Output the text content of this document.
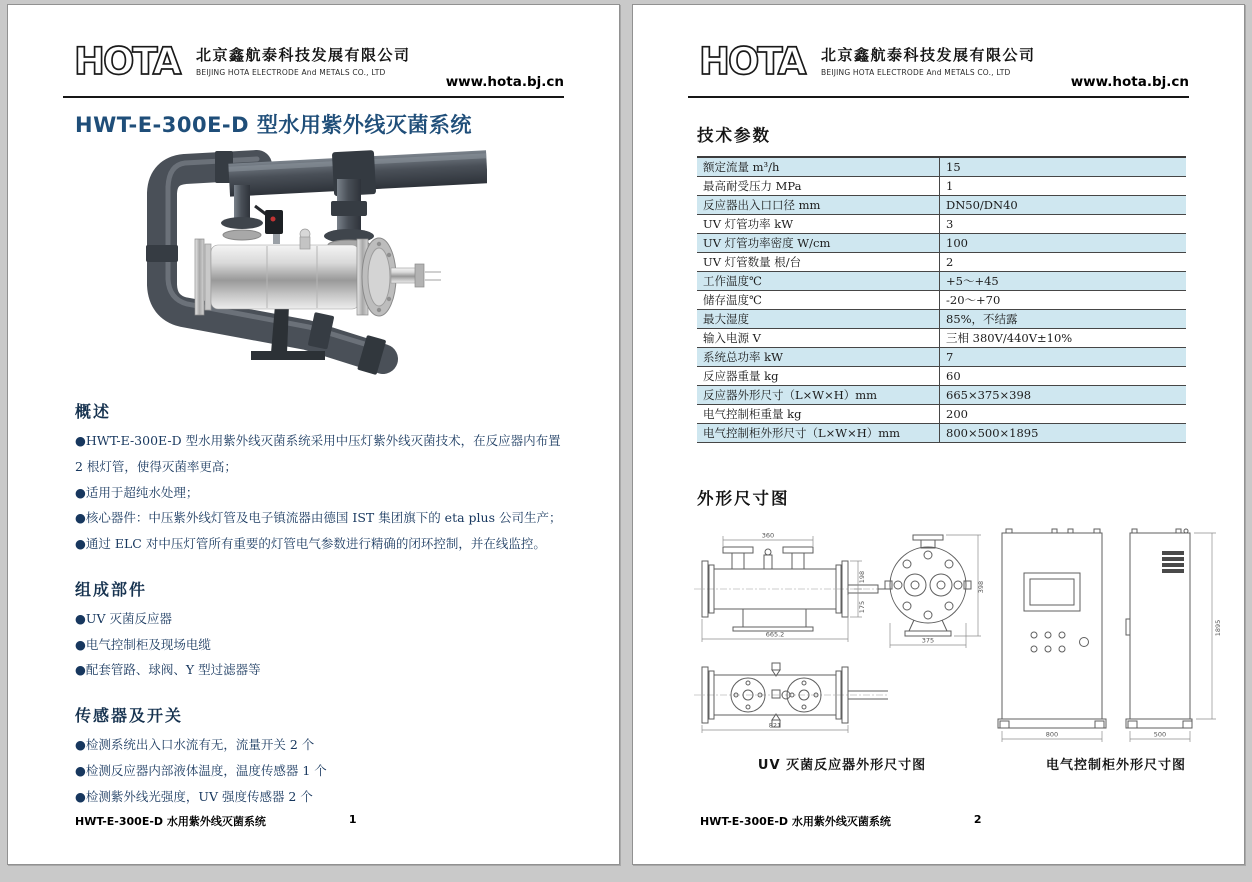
HOTA 北京鑫航泰科技发展有限公司
BEIJING HOTA ELECTRODE And METALS CO., LTD
www.hota.bj.cn
HWT-E-300E-D 型水用紫外线灭菌系统
概述

●HWT-E-300E-D 型水用紫外线灭菌系统采用中压灯紫外线灭菌技术，在反应器内布置 2 根灯管，使得灭菌率更高；

●适用于超纯水处理；

●核心器件：中压紫外线灯管及电子镇流器由德国 IST 集团旗下的 eta plus 公司生产；

●通过 ELC 对中压灯管所有重要的灯管电气参数进行精确的闭环控制，并在线监控。

组成部件

●UV 灭菌反应器

●电气控制柜及现场电缆

●配套管路、球阀、Y 型过滤器等

传感器及开关

●检测系统出入口水流有无，流量开关 2 个

●检测反应器内部液体温度，温度传感器 1 个

●检测紫外线光强度，UV 强度传感器 2 个

HWT-E-300E-D 水用紫外线灭菌系统	1
HOTA 北京鑫航泰科技发展有限公司
BEIJING HOTA ELECTRODE And METALS CO., LTD
www.hota.bj.cn
技术参数
额定流量 m³/h	15
最高耐受压力 MPa	1
反应器出入口口径 mm	DN50/DN40
UV 灯管功率 kW	3
UV 灯管功率密度 W/cm	100
UV 灯管数量 根/台	2
工作温度℃	+5～+45
储存温度℃	-20～+70
最大湿度	85%，不结露
输入电源 V	三相 380V/440V±10%
系统总功率 kW	7
反应器重量 kg	60
反应器外形尺寸（L×W×H）mm	665×375×398
电气控制柜重量 kg	200
电气控制柜外形尺寸（L×W×H）mm	800×500×1895
外形尺寸图
360
665.2
198
175
375
398
821
UV 灭菌反应器外形尺寸图
800	500
1895
电气控制柜外形尺寸图
HWT-E-300E-D 水用紫外线灭菌系统	2
